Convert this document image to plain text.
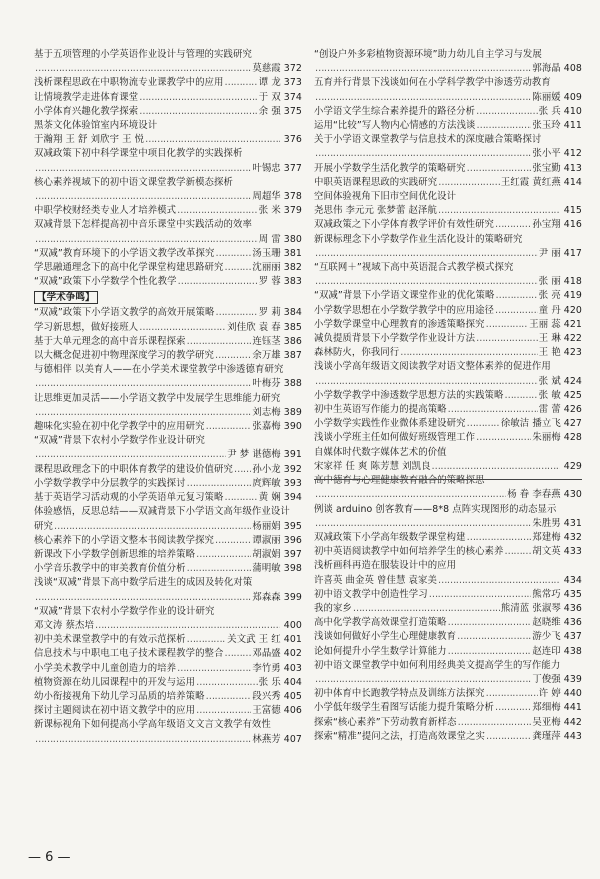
基于五项管理的小学英语作业设计与管理的实践研究
……………………………………………………………………………………
莫慈霞 372
浅析课程思政在中职物流专业课教学中的应用 ……………………………………………………………………………………	谭 龙 373
让情境教学走进体育课堂 ……………………………………………………………………………………	于 双 374
小学体育兴趣化教学探索 ……………………………………………………………………………………	余 强 375
黑茶文化体验馆室内环境设计
于瀚翔 王 舒 刘欣宇 王 悦 ……………………………………………………………………………………	376
双减政策下初中科学课堂中项目化教学的实践探析
……………………………………………………………………………………
叶锡忠 377
核心素养视域下的初中语文课堂教学新模态探析
……………………………………………………………………………………
周超华 378
中职学校财经类专业人才培养模式 ……………………………………………………………………………………	张 米 379
双减背景下怎样提高初中音乐课堂中实践活动的效率
……………………………………………………………………………………
周 雷 380
“双减”教育环境下的小学语文教学改革探究 ……………………………………………………………………………………	汤玉珊 381
学思融通理念下的高中化学课堂构建思路研究 ……………………………………………………………………………………	沈丽丽 382
“双减”政策下小学数学个性化教学 ……………………………………………………………………………………	罗 蓉 383
【学术争鸣】
“双减”政策下小学语文教学的高效开展策略 ……………………………………………………………………………………	罗 莉 384
学习新思想，做好接班人 ……………………………………………………………………………………	刘佳欣 袁 春 385
基于大单元理念的高中音乐课程探索 ……………………………………………………………………………………	连钰茎 386
以大概念促进初中物理深度学习的教学研究 ……………………………………………………………………………………	余万雄 387
与德相伴 以美育人——在小学美术课堂教学中渗透德育研究
……………………………………………………………………………………
叶梅芬 388
让思维更加灵活——小学语文教学中发展学生思维能力研究
……………………………………………………………………………………
刘志梅 389
趣味化实验在初中化学教学中的应用研究 ……………………………………………………………………………………	张嘉梅 390
“双减”背景下农村小学数学作业设计研究
……………………………………………………………………………………
尹 梦 谌德梅 391
课程思政理念下的中职体育教学的建设价值研究 …………………………………………………………………………………… 孙小龙 392
小学数学教学中分层教学的实践探讨 ……………………………………………………………………………………	庹辉敏 393
基于英语学习活动观的小学英语单元复习策略 ……………………………………………………………………………………	黄 娴 394
体验感悟，反思总结——双减背景下小学语文高年级作业设计
研究 ……………………………………………………………………………………	杨丽娟 395
核心素养下的小学语文整本书阅读教学探究 ……………………………………………………………………………………	谭淑丽 396
新课改下小学数学创新思维的培养策略 ……………………………………………………………………………………	胡淑娟 397
小学音乐教学中的审美教育价值分析 ……………………………………………………………………………………	蒲明敏 398
浅谈“双减”背景下高中数学后进生的成因及转化对策
……………………………………………………………………………………
郑森森 399
“双减”背景下农村小学数学作业的设计研究
邓文涛 蔡杰培 ……………………………………………………………………………………	400
初中美术课堂教学中的有效示范探析 ……………………………………………………………………………………	关文武 王 红 401
信息技术与中职电工电子技术课程教学的整合 ……………………………………………………………………………………	邓晶盛 402
小学美术教学中儿童创造力的培养 ……………………………………………………………………………………	李竹勇 403
植物资源在幼儿园课程中的开发与运用 ……………………………………………………………………………………	张 乐 404
幼小衔接视角下幼儿学习品质的培养策略 ……………………………………………………………………………………	段兴秀 405
探讨主题阅读在初中语文教学中的应用 ……………………………………………………………………………………	王富德 406
新课标视角下如何提高小学高年级语文文言文教学有效性
……………………………………………………………………………………
林燕芳 407
“创设户外多彩植物资源环境”助力幼儿自主学习与发展
……………………………………………………………………………………
郭海晶 408
五育并行背景下浅谈如何在小学科学教学中渗透劳动教育
……………………………………………………………………………………
陈丽媛 409
小学语文学生综合素养提升的路径分析 ……………………………………………………………………………………	张 兵 410
运用“比较”写人物内心情感的方法浅谈 ……………………………………………………………………………………	张玉玲 411
关于小学语文课堂教学与信息技术的深度融合策略探讨
……………………………………………………………………………………
张小平 412
开展小学数学生活化教学的策略研究 ……………………………………………………………………………………	张宝勤 413
中职英语课程思政的实践研究 ……………………………………………………………………………………	王红霞 黄红燕 414
空间体验视角下旧市空间优化设计
尧思伟 李元元 张梦蕾 赵泽航 ……………………………………………………………………………………	415
双减政策之下小学体育教学评价有效性研究 ……………………………………………………………………………………	孙宝翔 416
新课标理念下小学数学作业生活化设计的策略研究
……………………………………………………………………………………
尹 丽 417
“互联网＋”视域下高中英语混合式教学模式探究
……………………………………………………………………………………
张 丽 418
“双减”背景下小学语文课堂作业的优化策略 ……………………………………………………………………………………	张 亮 419
小学数学思想在小学数学教学中的应用途径 ……………………………………………………………………………………	童 丹 420
小学数学课堂中心理教育的渗透策略探究 ……………………………………………………………………………………	王丽 蕊 421
减负提质背景下小学数学作业设计方法 ……………………………………………………………………………………	王 琳 422
森林防火，你我同行 ……………………………………………………………………………………	王 艳 423
浅谈小学高年级语文阅读教学对语文整体素养的促进作用
……………………………………………………………………………………
张 斌 424
小学数学教学中渗透数学思想方法的实践策略 ……………………………………………………………………………………	张 敏 425
初中生英语写作能力的提高策略 ……………………………………………………………………………………	雷 蕾 426
小学数学实践性作业微体系建设研究 ……………………………………………………………………………………	徐敏洁 播立飞 427
浅谈小学班主任如何做好班级管理工作 ……………………………………………………………………………………	朱丽梅 428
自媒体时代数字媒体艺术的价值
宋家祥 任 爽 陈芳慧 刘凯良 ……………………………………………………………………………………	429
高中德育与心理健康教育融合的策略探思
……………………………………………………………………………………
杨 眷 李春燕 430
例谈 arduino 创客教育——8*8 点阵实现图形的动态显示
……………………………………………………………………………………
朱胜男 431
双减政策下小学高年级数学课堂构建 ……………………………………………………………………………………	郑建梅 432
初中英语阅读教学中如何培养学生的核心素养 ……………………………………………………………………………………	胡文英 433
浅析画科再造在服装设计中的应用
许喜英 曲金英 曾佳慧 袁家美 ……………………………………………………………………………………	434
初中语文教学中创造性学习 ……………………………………………………………………………………	熊常巧 435
我的家乡 ……………………………………………………………………………………	熊清蓝 张淑琴 436
高中化学教学高效课堂打造策略 ……………………………………………………………………………………	赵晓维 436
浅谈如何做好小学生心理健康教育 ……………………………………………………………………………………	游少飞 437
论如何提升小学生数学计算能力 ……………………………………………………………………………………	赵连印 438
初中语文课堂教学中如何利用经典美文提高学生的写作能力
……………………………………………………………………………………
丁俊强 439
初中体育中长跑教学特点及训练方法探究 ……………………………………………………………………………………	许 婷 440
小学低年级学生看图写话能力提升策略分析 ……………………………………………………………………………………	郑细梅 441
探索“核心素养”下劳动教育新样态 ……………………………………………………………………………………	吴亚梅 442
探索“精准”提问之法，打造高效课堂之实 ……………………………………………………………………………………	龚瑾萍 443
— 6 —
